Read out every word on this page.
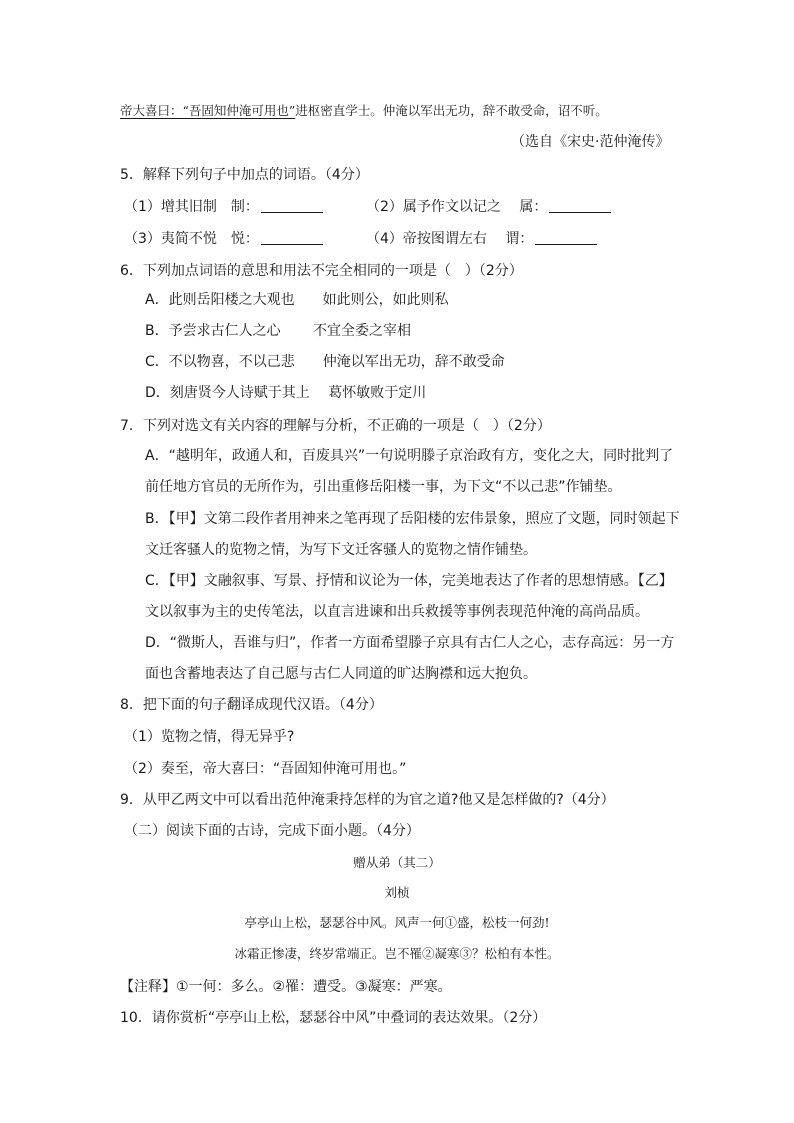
帝大喜曰：“吾固知仲淹可用也”进枢密直学士。仲淹以军出无功，辞不敢受命，诏不听。
（选自《宋史·范仲淹传》
5．解释下列句子中加点的词语。（4分）
（1）增其旧制　制：	（2）属予作文以记之　 属：
（3）夷简不悦　悦：	（4）帝按图谓左右　 谓：
6．下列加点词语的意思和用法不完全相同的一项是（　）（2分）
A．此则岳阳楼之大观也　　如此则公，如此则私
B．予尝求古仁人之心　　 不宜全委之宰相
C．不以物喜，不以己悲　　仲淹以军出无功，辞不敢受命
D．刻唐贤今人诗赋于其上　 葛怀敏败于定川
7．下列对选文有关内容的理解与分析，不正确的一项是（　）（2分）
A．“越明年，政通人和，百废具兴”一句说明滕子京治政有方，变化之大，同时批判了
前任地方官员的无所作为，引出重修岳阳楼一事，为下文“不以己悲”作铺垫。
B．【甲】文第二段作者用神来之笔再现了岳阳楼的宏伟景象，照应了文题，同时领起下
文迁客骚人的览物之情，为写下文迁客骚人的览物之情作铺垫。
C．【甲】文融叙事、写景、抒情和议论为一体，完美地表达了作者的思想情感。【乙】
文以叙事为主的史传笔法，以直言进谏和出兵救援等事例表现范仲淹的高尚品质。
D．“微斯人，吾谁与归”，作者一方面希望滕子京具有古仁人之心，志存高远：另一方
面也含蓄地表达了自己愿与古仁人同道的旷达胸襟和远大抱负。
8．把下面的句子翻译成现代汉语。（4分）
（1）览物之情，得无异乎?
（2）奏至，帝大喜曰：“吾固知仲淹可用也。”
9．从甲乙两文中可以看出范仲淹秉持怎样的为官之道?他又是怎样做的?（4分）
（二）阅读下面的古诗，完成下面小题。（4分）
赠从弟（其二）
刘桢
亭亭山上松，瑟瑟谷中风。风声一何①盛，松枝一何劲!
冰霜正惨凄，终岁常端正。岂不罹②凝寒③？松柏有本性。
【注释】①一何：多么。②罹：遭受。③凝寒：严寒。
10．请你赏析“亭亭山上松，瑟瑟谷中风”中叠词的表达效果。（2分）
